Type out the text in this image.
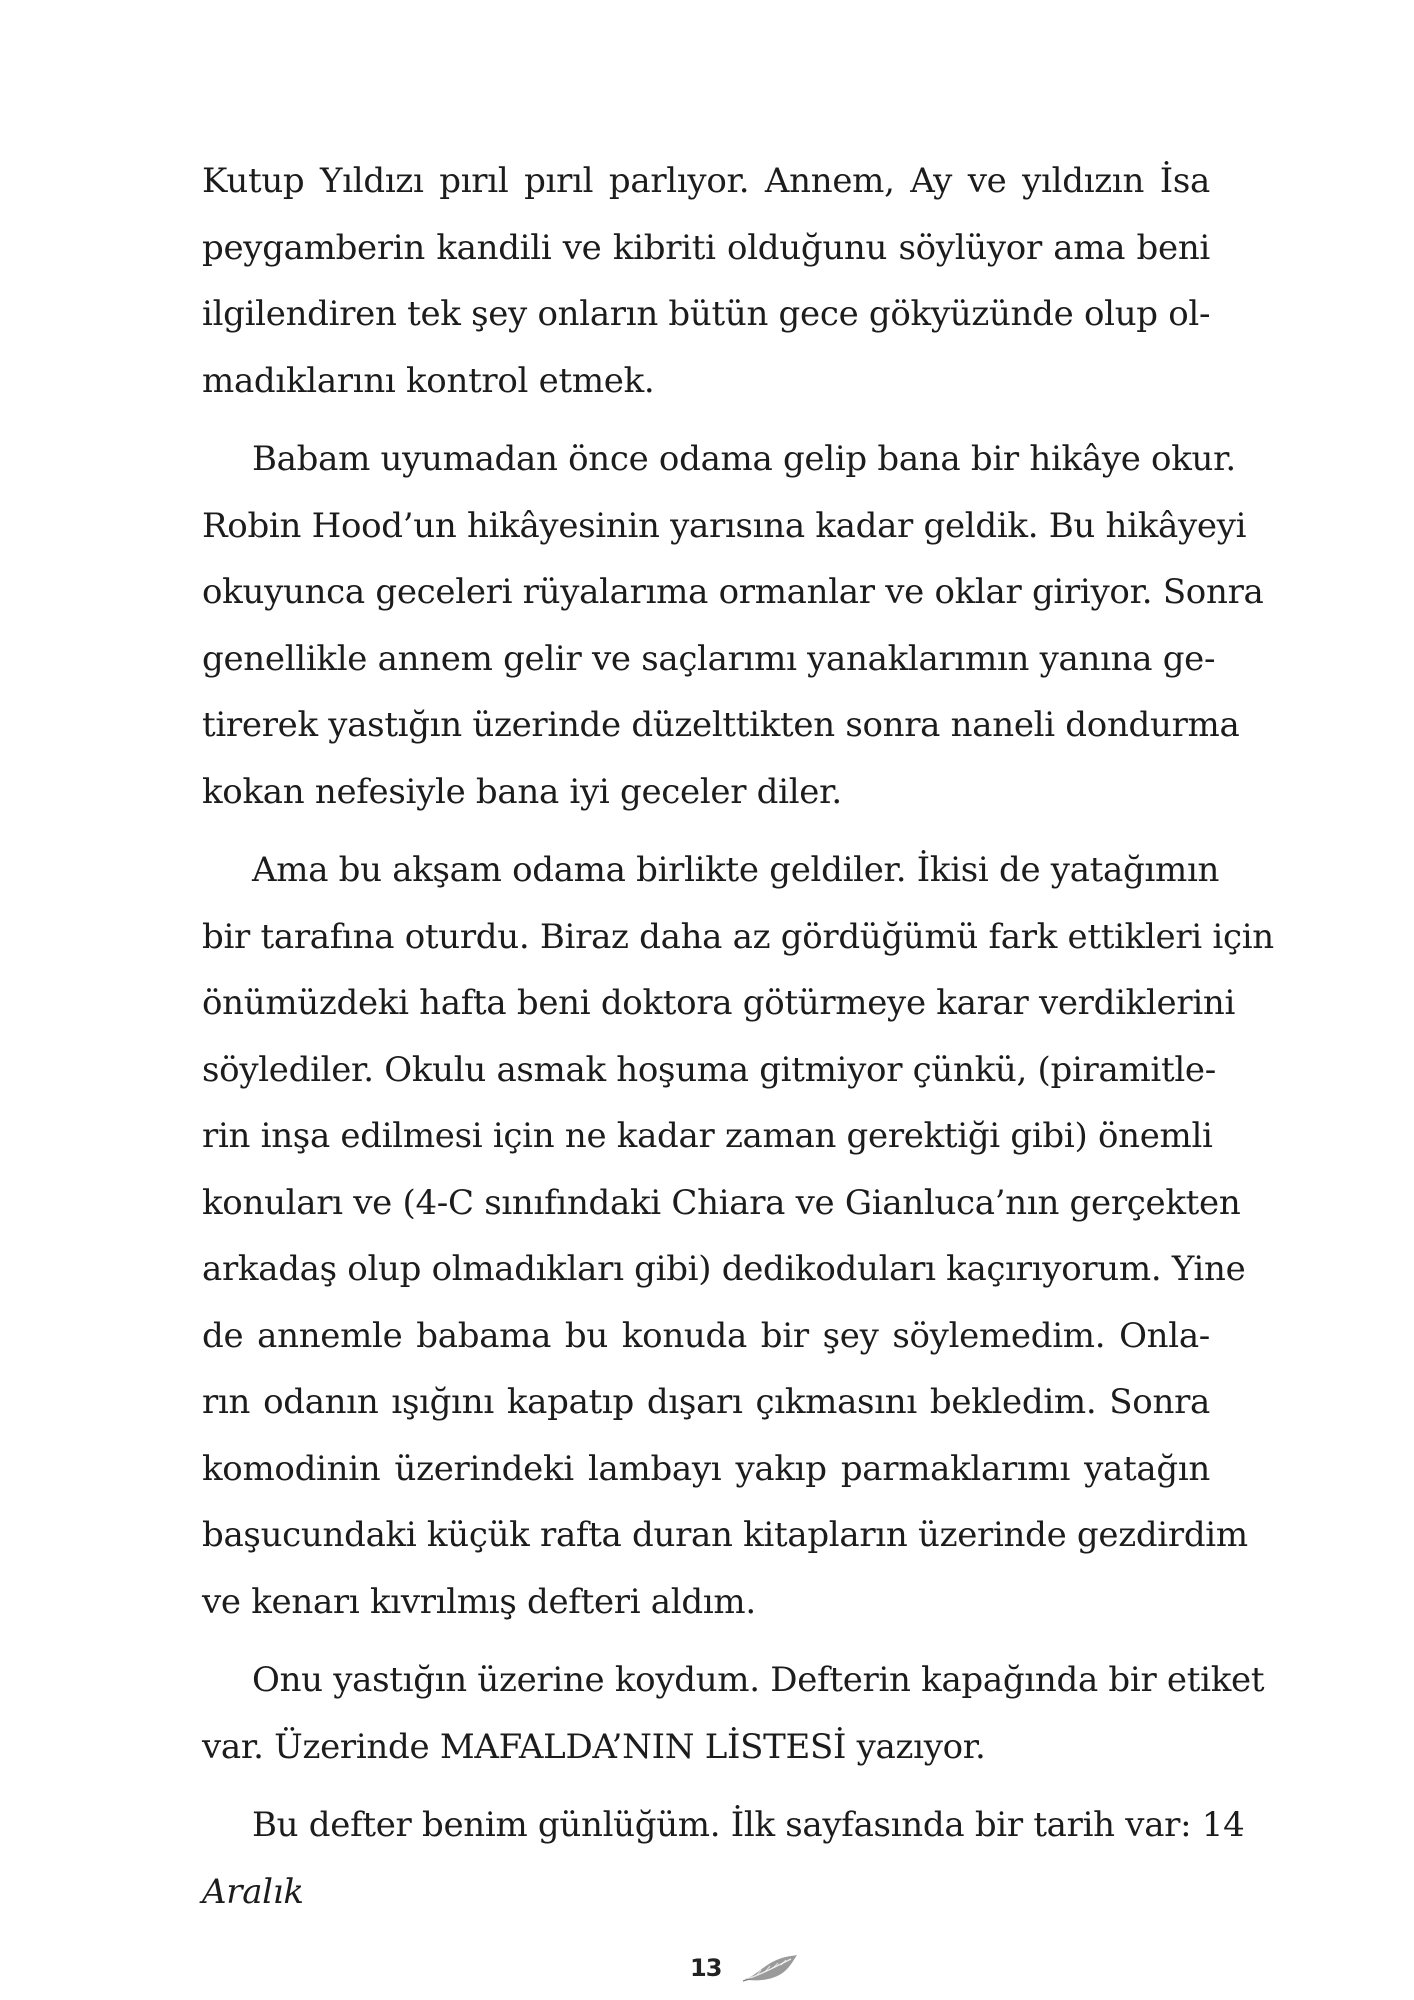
Kutup Yıldızı pırıl pırıl parlıyor. Annem, Ay ve yıldızın İsa
peygamberin kandili ve kibriti olduğunu söylüyor ama beni
ilgilendiren tek şey onların bütün gece gökyüzünde olup ol-
madıklarını kontrol etmek.

Babam uyumadan önce odama gelip bana bir hikâye okur.
Robin Hood’un hikâyesinin yarısına kadar geldik. Bu hikâyeyi
okuyunca geceleri rüyalarıma ormanlar ve oklar giriyor. Sonra
genellikle annem gelir ve saçlarımı yanaklarımın yanına ge-
tirerek yastığın üzerinde düzelttikten sonra naneli dondurma
kokan nefesiyle bana iyi geceler diler.

Ama bu akşam odama birlikte geldiler. İkisi de yatağımın
bir tarafına oturdu. Biraz daha az gördüğümü fark ettikleri için
önümüzdeki hafta beni doktora götürmeye karar verdiklerini
söylediler. Okulu asmak hoşuma gitmiyor çünkü, (piramitle-
rin inşa edilmesi için ne kadar zaman gerektiği gibi) önemli
konuları ve (4-C sınıfındaki Chiara ve Gianluca’nın gerçekten
arkadaş olup olmadıkları gibi) dedikoduları kaçırıyorum. Yine
de annemle babama bu konuda bir şey söylemedim. Onla-
rın odanın ışığını kapatıp dışarı çıkmasını bekledim. Sonra
komodinin üzerindeki lambayı yakıp parmaklarımı yatağın
başucundaki küçük rafta duran kitapların üzerinde gezdirdim
ve kenarı kıvrılmış defteri aldım.

Onu yastığın üzerine koydum. Defterin kapağında bir etiket
var. Üzerinde MAFALDA’NIN LİSTESİ yazıyor.

Bu defter benim günlüğüm. İlk sayfasında bir tarih var: 14
Aralık

13
